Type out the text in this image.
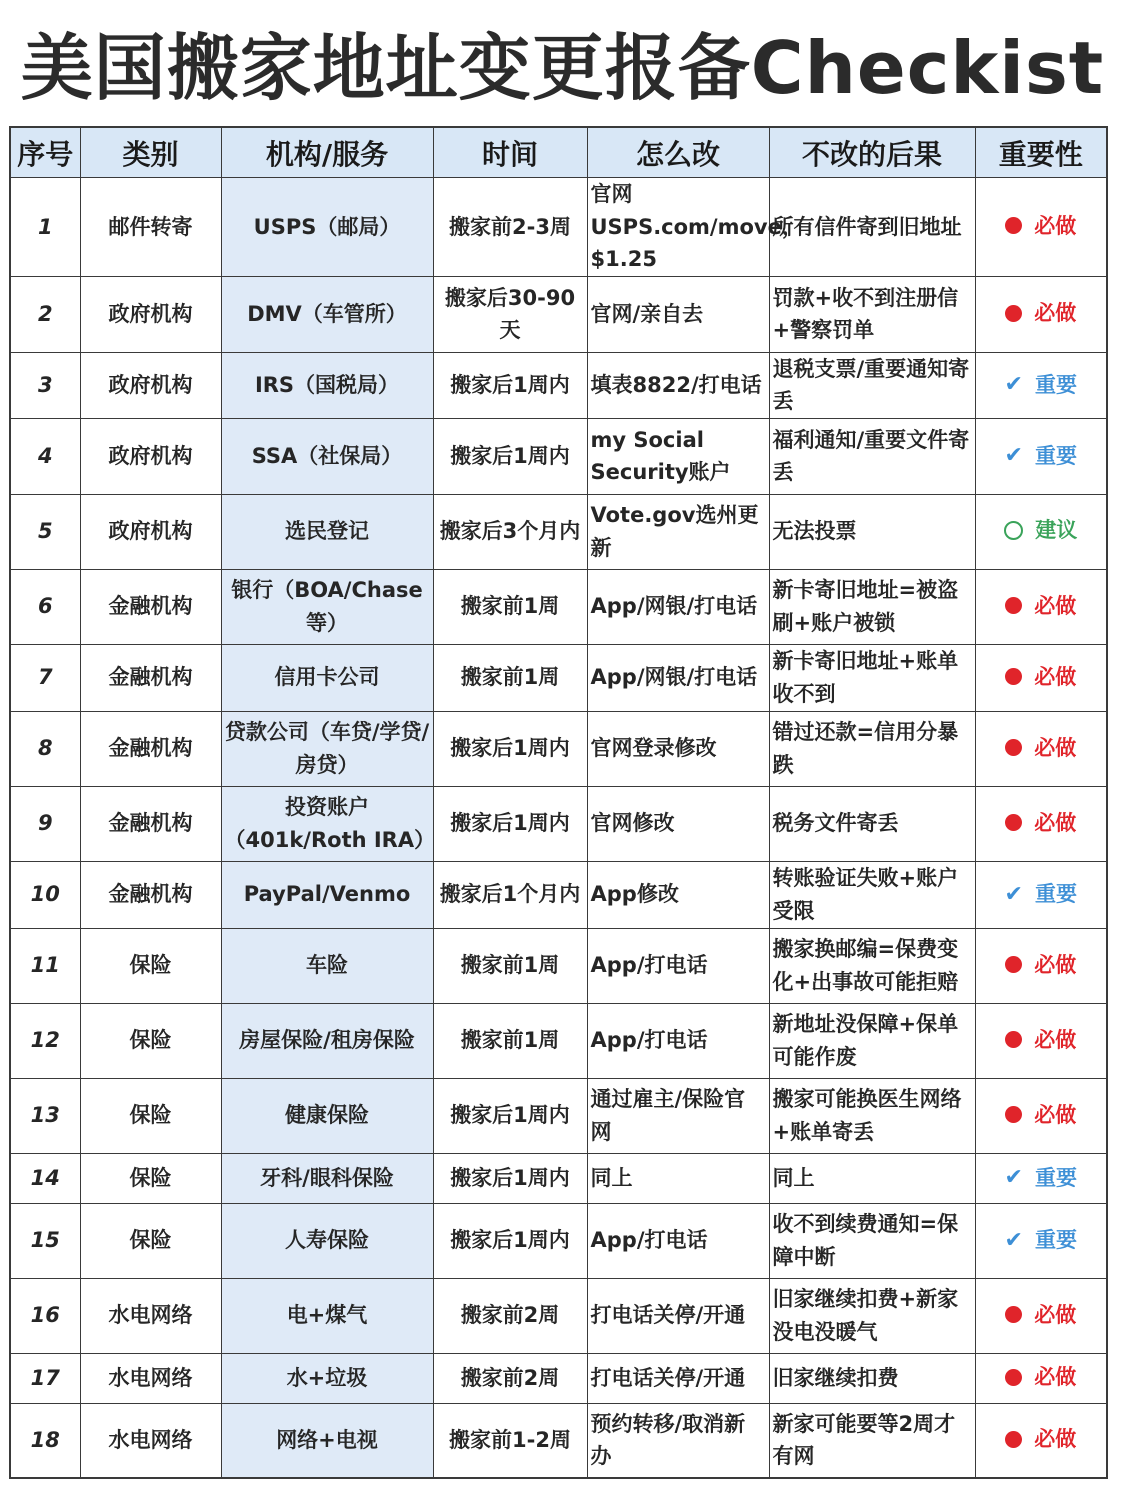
美国搬家地址变更报备Checkist
序号	类别	机构/服务	时间	怎么改	不改的后果	重要性
1	邮件转寄	USPS（邮局）	搬家前2-3周	官网USPS.com/move，$1.25	所有信件寄到旧地址	必做

2	政府机构	DMV（车管所）	搬家后30-90天	官网/亲自去	罚款+收不到注册信+警察罚单	必做

3	政府机构	IRS（国税局）	搬家后1周内	填表8822/打电话	退税支票/重要通知寄丢	✔ 重要

4	政府机构	SSA（社保局）	搬家后1周内	my Social Security账户	福利通知/重要文件寄丢	✔ 重要

5	政府机构	选民登记	搬家后3个月内	Vote.gov选州更新	无法投票	建议

6	金融机构	银行（BOA/Chase等）	搬家前1周	App/网银/打电话	新卡寄旧地址=被盗刷+账户被锁	必做

7	金融机构	信用卡公司	搬家前1周	App/网银/打电话	新卡寄旧地址+账单收不到	必做

8	金融机构	贷款公司（车贷/学贷/房贷）	搬家后1周内	官网登录修改	错过还款=信用分暴跌	必做

9	金融机构	投资账户（401k/Roth IRA）	搬家后1周内	官网修改	税务文件寄丢	必做

10	金融机构	PayPal/Venmo	搬家后1个月内	App修改	转账验证失败+账户受限	✔ 重要

11	保险	车险	搬家前1周	App/打电话	搬家换邮编=保费变化+出事故可能拒赔	必做

12	保险	房屋保险/租房保险	搬家前1周	App/打电话	新地址没保障+保单可能作废	必做

13	保险	健康保险	搬家后1周内	通过雇主/保险官网	搬家可能换医生网络+账单寄丢	必做

14	保险	牙科/眼科保险	搬家后1周内	同上	同上	✔ 重要

15	保险	人寿保险	搬家后1周内	App/打电话	收不到续费通知=保障中断	✔ 重要

16	水电网络	电+煤气	搬家前2周	打电话关停/开通	旧家继续扣费+新家没电没暖气	必做

17	水电网络	水+垃圾	搬家前2周	打电话关停/开通	旧家继续扣费	必做

18	水电网络	网络+电视	搬家前1-2周	预约转移/取消新办	新家可能要等2周才有网	必做
